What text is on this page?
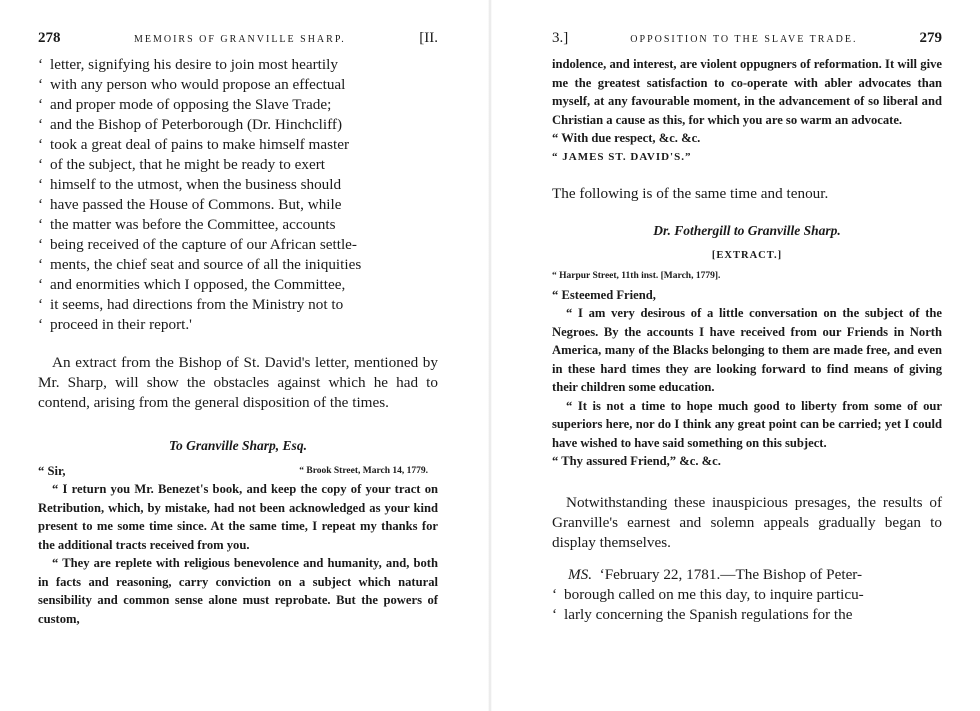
278	MEMOIRS OF GRANVILLE SHARP.	[II.
‘ letter, signifying his desire to join most heartily
‘ with any person who would propose an effectual
‘ and proper mode of opposing the Slave Trade;
‘ and the Bishop of Peterborough (Dr. Hinchcliff)
‘ took a great deal of pains to make himself master
‘ of the subject, that he might be ready to exert
‘ himself to the utmost, when the business should
‘ have passed the House of Commons. But, while
‘ the matter was before the Committee, accounts
‘ being received of the capture of our African settle-
‘ ments, the chief seat and source of all the iniquities
‘ and enormities which I opposed, the Committee,
‘ it seems, had directions from the Ministry not to
‘ proceed in their report.'

An extract from the Bishop of St. David's letter, mentioned by Mr. Sharp, will show the obstacles against which he had to contend, arising from the general disposition of the times.

To Granville Sharp, Esq.
“ Sir,	“ Brook Street, March 14, 1779.

“ I return you Mr. Benezet's book, and keep the copy of your tract on Retribution, which, by mistake, had not been acknowledged as your kind present to me some time since. At the same time, I repeat my thanks for the additional tracts received from you.

“ They are replete with religious benevolence and humanity, and, both in facts and reasoning, carry conviction on a subject which natural sensibility and common sense alone must reprobate. But the powers of custom,

3.]	OPPOSITION TO THE SLAVE TRADE.	279

indolence, and interest, are violent oppugners of reformation. It will give me the greatest satisfaction to co-operate with abler advocates than myself, at any favourable moment, in the advancement of so liberal and Christian a cause as this, for which you are so warm an advocate.

“ With due respect, &c. &c.

“ JAMES ST. DAVID'S.”

The following is of the same time and tenour.
Dr. Fothergill to Granville Sharp.
[EXTRACT.]

“ Harpur Street, 11th inst. [March, 1779].

“ Esteemed Friend,

“ I am very desirous of a little conversation on the subject of the Negroes. By the accounts I have received from our Friends in North America, many of the Blacks belonging to them are made free, and even in these hard times they are looking forward to find means of giving their children some education.

“ It is not a time to hope much good to liberty from some of our superiors here, nor do I think any great point can be carried; yet I could have wished to have said something on this subject.

“ Thy assured Friend,” &c. &c.

Notwithstanding these inauspicious presages, the results of Granville's earnest and solemn appeals gradually began to display themselves.

MS.  ‘February 22, 1781.—The Bishop of Peter-
‘ borough called on me this day, to inquire particu-
‘ larly concerning the Spanish regulations for the
